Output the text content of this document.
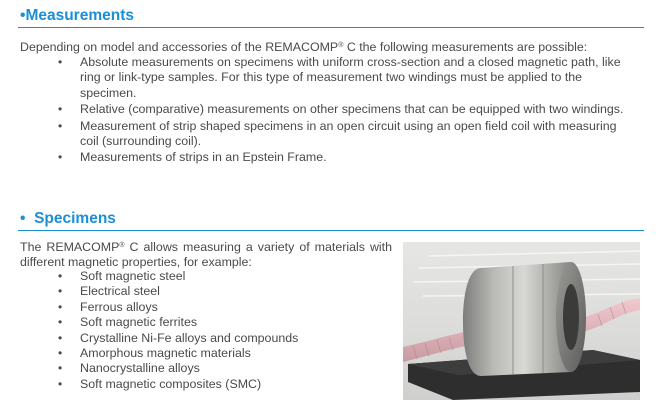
•Measurements
Depending on model and accessories of the REMACOMP® C the following measurements are possible:
• Absolute measurements on specimens with uniform cross-section and a closed magnetic path, like ring or link-type samples. For this type of measurement two windings must be applied to the specimen.
• Relative (comparative) measurements on other specimens that can be equipped with two windings.
• Measurement of strip shaped specimens in an open circuit using an open field coil with measuring coil (surrounding coil).
• Measurements of strips in an Epstein Frame.
• Specimens
The REMACOMP® C allows measuring a variety of materials with different magnetic properties, for example:
• Soft magnetic steel
• Electrical steel
• Ferrous alloys
• Soft magnetic ferrites
• Crystalline Ni-Fe alloys and compounds
• Amorphous magnetic materials
• Nanocrystalline alloys
• Soft magnetic composites (SMC)
